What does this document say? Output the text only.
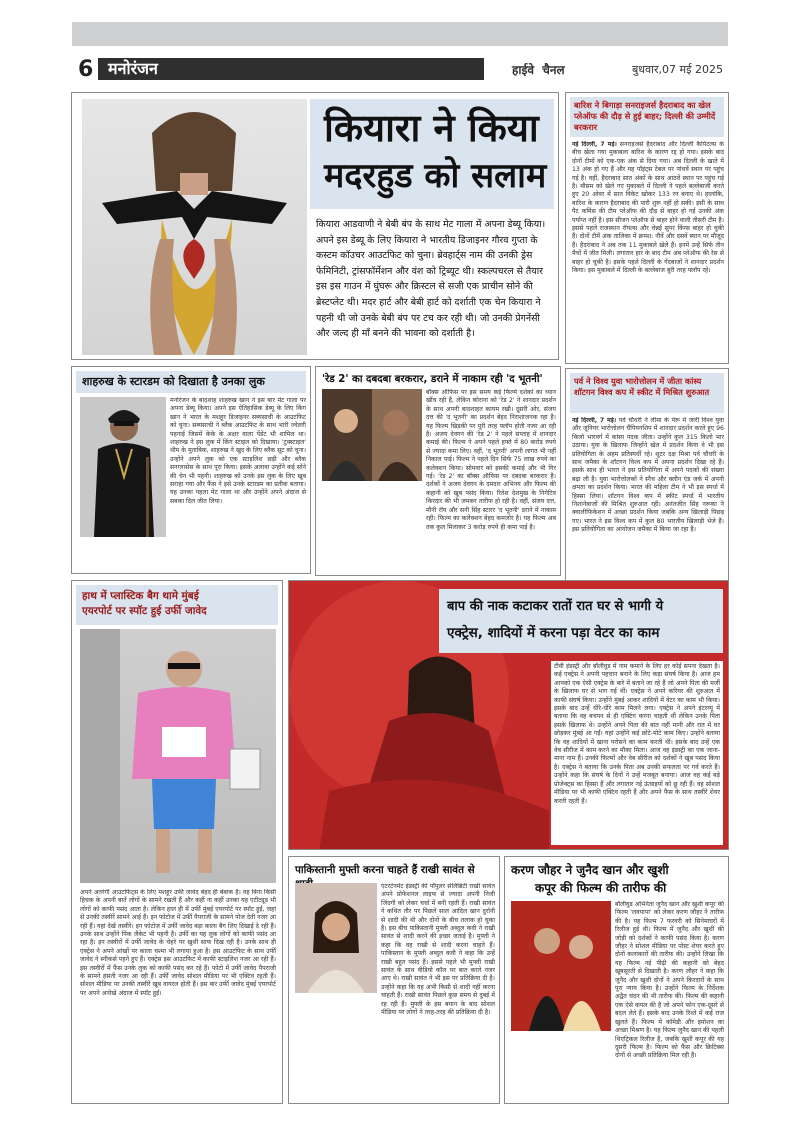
6 मनोरंजन	हाईवे चैनल	बुधवार,07 मई 2025
कियारा ने किया
मदरहुड को सलाम
कियारा आडवाणी ने बेबी बंप के साथ मेट गाला में अपना डेब्यू किया। अपने इस डेब्यू के लिए कियारा ने भारतीय डिजाइनर गौरव गुप्ता के कस्टम कॉउचर आउटफिट को चुना। ब्रेवहार्ट्स नाम की उनकी ड्रेस फेमिनिटी, ट्रांसफॉर्मेशन और वंश को ट्रिब्यूट थी। स्कल्पचरल से तैयार इस इस गाउन में घुंघरू और क्रिस्टल से सजी एक प्राचीन सोने की ब्रेस्टप्लेट थी। मदर हार्ट और बेबी हार्ट को दर्शाती एक चेन कियारा ने पहनी थी जो उनके बेबी बंप पर टच कर रही थी। जो उनकी प्रेगनेंसी और जल्द ही माँ बनने की भावना को दर्शाती है।
बारिश ने बिगाड़ा सनराइजर्स हैदराबाद का खेल
प्लेऑफ की दौड़ से हुई बाहर; दिल्ली की उम्मीदें बरकरार
नई दिल्ली, 7 मई। सनराइजर्स हैदराबाद और दिल्ली कैपिटल्स के बीच खेला गया मुकाबला बारिश के कारण रद्द हो गया। इसके बाद दोनों टीमों को एक-एक अंक से दिया गया। अब दिल्ली के खाते में 13 अंक हो गए हैं और यह पॉइंट्स टेबल पर पांचवें स्थान पर पहुंच गई है। वहीं, हैदराबाद सात अंकों के साथ आठवें स्थान पर पहुंच गई है। मौसम को खेले गए मुकाबले में दिल्ली ने पहले बल्लेबाजी करते हुए 20 ओवर में सात विकेट खोकर 133 रन बनाए थे। हालांकि, बारिश के कारण हैदराबाद की पारी शुरू नहीं हो सकी। इसी के साथ पैट कमिंस की टीम प्लेऑफ की दौड़ से बाहर हो गई उनकी अंक पर्याप्त नहीं है। इस सीजन प्लेऑफ से बाहर होने वाली तीसरी टीम है। इससे पहले राजस्थान रॉयल्स और चेन्नई सुपर किंग्स बाहर हो चुकी हैं। दोनों टीमें अंक तालिका में क्रमश: नौवें और दसवें स्थान पर मौजूद हैं। हैदराबाद ने अब तक 11 मुकाबले खेले हैं। इनमें उन्हें सिर्फ तीन मैचों में जीत मिली। लगातार हार के बाद टीम अब प्लेऑफ की रेस से बाहर हो चुकी है। इसके पहले दिल्ली के गेंदबाजों ने शानदार प्रदर्शन किया। इस मुकाबले में दिल्ली के बल्लेबाज बुरी तरह फ्लॉप रहे।
पर्व ने विश्व युवा भारोत्तोलन में जीता कांस्य
शॉटगन विश्व कप में स्कीट में मिश्रित शुरुआत
नई दिल्ली, 7 मई। पर्व चौधरी ने लीमा के पेरू में जारी विश्व युवा और जूनियर भारोत्तोलन चैंपियनशिप में शानदार प्रदर्शन करते हुए 96 किलो भारवर्ग में कांस्य पदक जीता। उन्होंने कुल 315 किलो भार उठाया। युवा के खिलाफ जिन्होंने खेल में प्रदर्शन किया वे भी इस प्रतियोगिता के अहम प्रतिस्पर्धी रहे। शूटर दक्ष मिश्रा पर्व चौधरी के साथ जमैका के शॉटगन विश्व कप में अपना प्रदर्शन दिखा रहे हैं। इसके साथ ही भारत ने इस प्रतियोगिता में अपने पदकों की संख्या बढ़ा ली है। युवा भारोत्तोलकों ने स्नैच और क्लीन एंड जर्क में अपनी क्षमता का प्रदर्शन किया। भारत की महिला टीम ने भी इस स्पर्धा में हिस्सा लिया। शॉटगन विश्व कप में स्कीट स्पर्धा में भारतीय निशानेबाजों की मिश्रित शुरुआत रही। अनंतजीत सिंह नरूका ने क्वालीफिकेशन में अच्छा प्रदर्शन किया जबकि अन्य खिलाड़ी पिछड़ गए। भारत ने इस विश्व कप में कुल 80 भारतीय खिलाड़ी भेजे हैं। इस प्रतियोगिता का आयोजन जमैका में किया जा रहा है।
शाहरुख के स्टारडम को दिखाता है उनका लुक
मनोरंजन के बादशाह शाहरुख खान ने इस बार मेट गाला पर अपना डेब्यू किया। अपने इस ऐतिहासिक डेब्यू के लिए किंग खान ने भारत के मशहूर डिजाइनर सब्यसाची के आउटफिट को चुना। सब्यसाची ने ब्लैक आउटफिट के साथ भारी ज्वेलरी पहनाई जिसमें केके के अक्षर वाला पेंडेंट भी शामिल था। शाहरुख ने इस लुक में किंग स्टाइल को दिखाया। 'टुक्स्टाइल' थीम के मुताबिक, शाहरुख ने खुद के लिए ब्लैक सूट को चुना। उन्होंने अपने लुक को एक स्टाइलिश छड़ी और ब्लैक सनग्लासेस के साथ पूरा किया। इसके अलावा उन्होंने कई सोने की चेन भी पहनी। शाहरुख को उनके इस लुक के लिए खूब सराहा गया और फैंस ने इसे उनके स्टारडम का प्रतीक बताया। यह उनका पहला मेट गाला था और उन्होंने अपने अंदाज से सबका दिल जीत लिया।
'रेड 2' का दबदबा बरकरार, डराने में नाकाम रही 'द भूतनी'
बॉक्स ऑफिस पर इस समय कई फिल्में दर्शकों का ध्यान खींच रही हैं, लेकिन कोराना को 'रेड 2' ने शानदार प्रदर्शन के साथ अपनी बादशाहत कायम रखी। दूसरी ओर, संजय दत्त की 'द भूतनी' का प्रदर्शन बेहद निराशाजनक रहा है। यह फिल्म खिड़की पर पूरी तरह फ्लॉप होती नजर आ रही है। अजय देवगन की 'रेड 2' ने पहले सप्ताह में शानदार कमाई की। फिल्म ने अपने पहले हफ्ते में 80 करोड़ रुपये से ज्यादा कमा लिए। वहीं, 'द भूतनी' अपनी लागत भी नहीं निकाल पाई। फिल्म ने पहले दिन सिर्फ 75 लाख रुपये का कलेक्शन किया। सोमवार को इसकी कमाई और भी गिर गई। 'रेड 2' का बॉक्स ऑफिस पर दबदबा बरकरार है। दर्शकों ने अजय देवगन के दमदार अभिनय और फिल्म की कहानी को खूब पसंद किया। रितेश देशमुख के निगेटिव किरदार की भी जमकर तारीफ हो रही है। वहीं, संजय दत्त, मौनी रॉय और सनी सिंह स्टारर 'द भूतनी' डराने में नाकाम रही। फिल्म का कलेक्शन बेहद कमजोर है। यह फिल्म अब तक कुल मिलाकर 3 करोड़ रुपये ही कमा पाई है।
हाथ में प्लास्टिक बैग थामे मुंबई
एयरपोर्ट पर स्पॉट हुई उर्फी जावेद
अपने अतरंगी आउटफिट्स के लिए मशहूर उर्फी जावेद बेहद ही बेबाक हैं। वह बिना किसी हिचक के अपनी बातें लोगों के सामने रखती हैं और कहीं ना कहीं उनका यह एटीट्यूड भी लोगों को काफी पसंद आता है। लेकिन हाल ही में उर्फी मुंबई एयरपोर्ट पर स्पॉट हुईं, जहां से उनकी तस्वीरें सामने आई हैं। इन फोटोज में उर्फी पैपराजी के सामने पोज देती नजर आ रही हैं। यहां देखें तस्वीरें। इन फोटोज में उर्फी जावेद बड़ा काला बैग लिए दिखाई दे रही हैं। उनके साथ उन्होंने पिंक जैकेट भी पहनी है। उर्फी का यह लुक लोगों को काफी पसंद आ रहा है। इन तस्वीरों में उर्फी जावेद के चेहरे पर खुशी साफ दिख रही है। उनके साथ ही एक्ट्रेस ने अपने आंखों पर काला चश्मा भी लगाया हुआ है। इस आउटफिट के साथ उर्फी जावेद ने स्नीकर्स पहने हुए हैं। एक्ट्रेस इस आउटफिट में काफी स्टाइलिश नजर आ रही हैं। इस तस्वीरों में फैंस उनके लुक को काफी पसंद कर रहे हैं। फोटो में उर्फी जावेद पैपराजी के सामने हंसती नजर आ रही हैं। उर्फी जावेद सोशल मीडिया पर भी एक्टिव रहती हैं। सोशल मीडिया पर उनकी तस्वीरें खूब वायरल होती हैं। इस बार उर्फी जावेद मुंबई एयरपोर्ट पर अपने अनोखे अंदाज में स्पॉट हुईं।
बाप की नाक कटाकर रातों रात घर से भागी ये
एक्ट्रेस, शादियों में करना पड़ा वेटर का काम
टीवी इंडस्ट्री और बॉलीवुड में नाम कमाने के लिए हर कोई सपना देखता है। कई एक्ट्रेस ने अपनी पहचान बनाने के लिए कड़ा संघर्ष किया है। आज हम आपको एक ऐसी एक्ट्रेस के बारे में बताने जा रहे हैं जो अपने पिता की मर्जी के खिलाफ घर से भाग गई थीं। एक्ट्रेस ने अपने करियर की शुरुआत में काफी संघर्ष किया। उन्होंने मुंबई आकर शादियों में वेटर का काम भी किया। इसके बाद उन्हें धीरे-धीरे काम मिलने लगा। एक्ट्रेस ने अपने इंटरव्यू में बताया कि वह बचपन से ही एक्टिंग करना चाहती थीं लेकिन उनके पिता इसके खिलाफ थे। उन्होंने अपने पिता की बात नहीं मानी और रात में घर छोड़कर मुंबई आ गईं। यहां उन्होंने कई छोटे-मोटे काम किए। उन्होंने बताया कि वह शादियों में खाना परोसने का काम करती थीं। इसके बाद उन्हें एक वेब सीरीज में काम करने का मौका मिला। आज वह इंडस्ट्री का एक जाना-माना नाम हैं। उनकी फिल्मों और वेब सीरीज को दर्शकों ने खूब पसंद किया है। एक्ट्रेस ने बताया कि उनके पिता अब उनकी सफलता पर गर्व करते हैं। उन्होंने कहा कि संघर्ष के दिनों ने उन्हें मजबूत बनाया। आज वह कई बड़े प्रोजेक्ट्स का हिस्सा हैं और लगातार नई ऊंचाइयों को छू रही हैं। वह सोशल मीडिया पर भी काफी एक्टिव रहती हैं और अपने फैंस के साथ तस्वीरें शेयर करती रहती हैं।
पाकिस्तानी मुफ्ती करना चाहते हैं राखी सावंत से
एंटरटेनमेंट इंडस्ट्री की पॉपुलर सेलिब्रिटी राखी सावंत अपने प्रोफेशनल लाइफ से ज्यादा अपनी निजी जिंदगी को लेकर चर्चा में बनी रहती हैं। राखी सावंत ने कथित तौर पर पिछले साल आदिल खान दुर्रानी से शादी की थी और दोनों के बीच तलाक हो चुका है। इस बीच पाकिस्तानी मुफ्ती अब्दुल कवी ने राखी सावंत से शादी करने की इच्छा जताई है। मुफ्ती ने कहा कि वह राखी से शादी करना चाहते हैं। पाकिस्तान के मुफ्ती अब्दुल कवी ने कहा कि उन्हें राखी बहुत पसंद हैं। इससे पहले भी मुफ्ती राखी सावंत के साथ वीडियो कॉल पर बात करते नजर आए थे। राखी सावंत ने भी इस पर प्रतिक्रिया दी है। उन्होंने कहा कि वह अभी किसी से शादी नहीं करना चाहती हैं। राखी सावंत पिछले कुछ समय से दुबई में रह रही हैं। मुफ्ती के इस बयान के बाद सोशल मीडिया पर लोगों ने तरह-तरह की प्रतिक्रिया दी है।
करण जौहर ने जुनैद खान और खुशी
कपूर की फिल्म की तारीफ की
बॉलीवुड अभिनेता जुनैद खान और खुशी कपूर की फिल्म 'लवयापा' को लेकर करण जौहर ने तारीफ की है। यह फिल्म 7 फरवरी को सिनेमाघरों में रिलीज हुई थी। फिल्म में जुनैद और खुशी की जोड़ी को दर्शकों ने काफी पसंद किया है। करण जौहर ने सोशल मीडिया पर पोस्ट शेयर करते हुए दोनों कलाकारों की तारीफ की। उन्होंने लिखा कि यह फिल्म नई पीढ़ी की कहानी को बेहद खूबसूरती से दिखाती है। करण जौहर ने कहा कि जुनैद और खुशी दोनों ने अपने किरदारों के साथ पूरा न्याय किया है। उन्होंने फिल्म के निर्देशक अद्वैत चंदन की भी तारीफ की। फिल्म की कहानी एक ऐसे कपल की है जो अपने फोन एक-दूसरे से बदल लेते हैं। इसके बाद उनके रिश्ते में कई राज खुलते हैं। फिल्म में कॉमेडी और इमोशन का अच्छा मिश्रण है। यह फिल्म जुनैद खान की पहली थिएट्रिकल रिलीज है, जबकि खुशी कपूर की यह दूसरी फिल्म है। फिल्म को फैंस और क्रिटिक्स दोनों से अच्छी प्रतिक्रिया मिल रही है।
